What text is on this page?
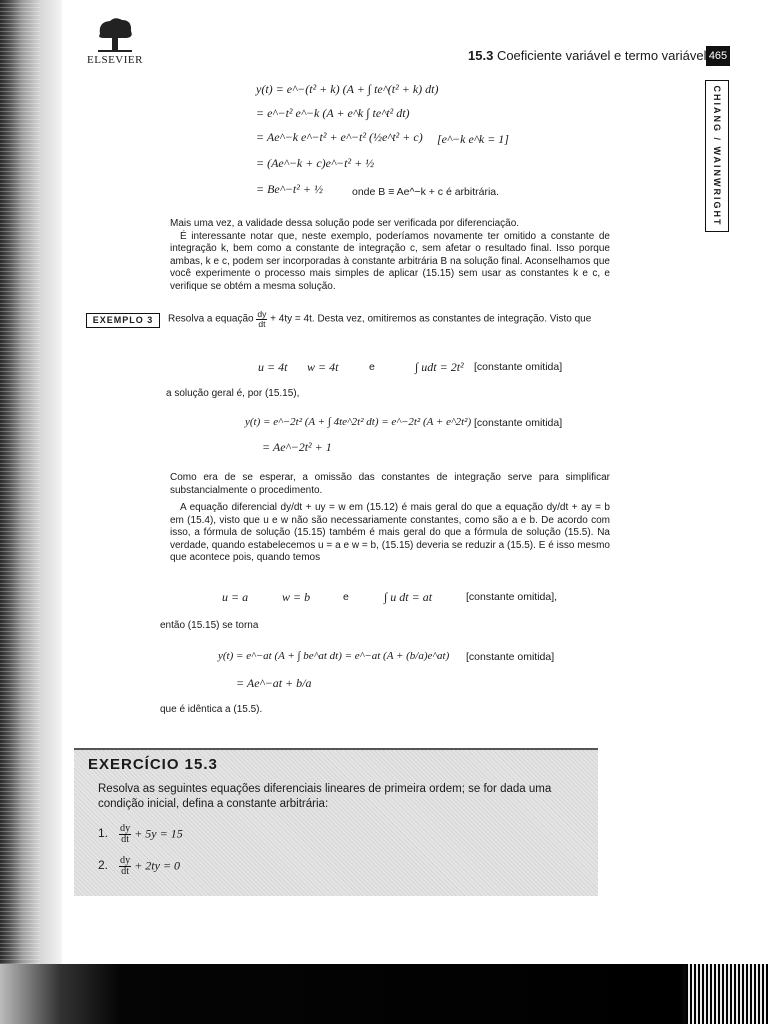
ELSEVIER	15.3 Coeficiente variável e termo variável 465
CHIANG / WAINWRIGHT
y(t) = e^−(t² + k) (A + ∫ te^(t² + k) dt)
= e^−t² e^−k (A + e^k ∫ te^t² dt)
= Ae^−k e^−t² + e^−t² (½e^t² + c) [e^−k e^k = 1]
= (Ae^−k + c)e^−t² + ½
= Be^−t² + ½	onde B ≡ Ae^−k + c é arbitrária.

Mais uma vez, a validade dessa solução pode ser verificada por diferenciação.

É interessante notar que, neste exemplo, poderíamos novamente ter omitido a constante de integração k, bem como a constante de integração c, sem afetar o resultado final. Isso porque ambas, k e c, podem ser incorporadas à constante arbitrária B na solução final. Aconselhamos que você experimente o processo mais simples de aplicar (15.15) sem usar as constantes k e c, e verifique se obtém a mesma solução.

EXEMPLO 3	Resolva a equação $\frac{dy}{dt} + 4ty = 4t$. Desta vez, omitiremos as constantes de integração. Visto que
u = 4t w = 4t	e	∫ udt = 2t² [constante omitida]
a solução geral é, por (15.15),
y(t) = e^−2t² (A + ∫ 4te^2t² dt) = e^−2t² (A + e^2t²) [constante omitida]
= Ae^−2t² + 1

Como era de se esperar, a omissão das constantes de integração serve para simplificar substancialmente o procedimento.

A equação diferencial dy/dt + uy = w em (15.12) é mais geral do que a equação dy/dt + ay = b em (15.4), visto que u e w não são necessariamente constantes, como são a e b. De acordo com isso, a fórmula de solução (15.15) também é mais geral do que a fórmula de solução (15.5). Na verdade, quando estabelecemos u = a e w = b, (15.15) deveria se reduzir a (15.5). E é isso mesmo que acontece pois, quando temos

u = a	w = b	e	∫ u dt = at	[constante omitida],
então (15.15) se torna
y(t) = e^−at (A + ∫ be^at dt) = e^−at (A + (b/a)e^at) [constante omitida]
= Ae^−at + b/a
que é idêntica a (15.5).
EXERCÍCIO 15.3
Resolva as seguintes equações diferenciais lineares de primeira ordem; se for dada uma condição inicial, defina a constante arbitrária:
1. $\frac{dy}{dt} + 5y = 15$
2. $\frac{dy}{dt} + 2ty = 0$
